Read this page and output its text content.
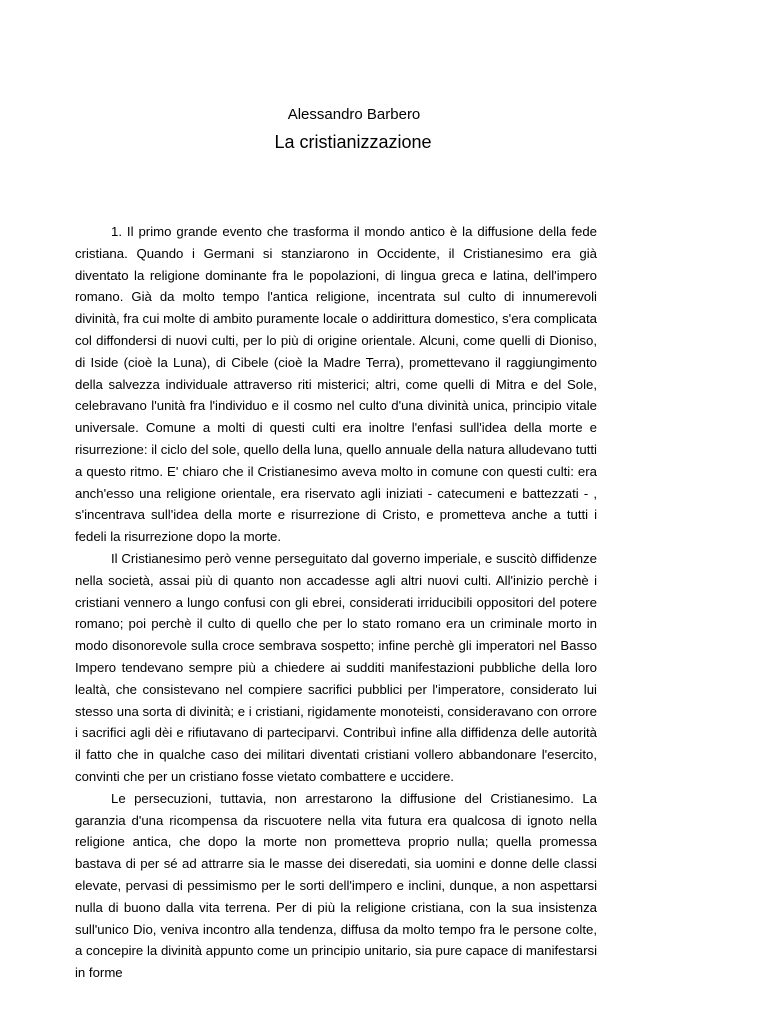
Alessandro Barbero
La cristianizzazione

1. Il primo grande evento che trasforma il mondo antico è la diffusione della fede cristiana. Quando i Germani si stanziarono in Occidente, il Cristianesimo era già diventato la religione dominante fra le popolazioni, di lingua greca e latina, dell'impero romano. Già da molto tempo l'antica religione, incentrata sul culto di innumerevoli divinità, fra cui molte di ambito puramente locale o addirittura domestico, s'era complicata col diffondersi di nuovi culti, per lo più di origine orientale. Alcuni, come quelli di Dioniso, di Iside (cioè la Luna), di Cibele (cioè la Madre Terra), promettevano il raggiungimento della salvezza individuale attraverso riti misterici; altri, come quelli di Mitra e del Sole, celebravano l'unità fra l'individuo e il cosmo nel culto d'una divinità unica, principio vitale universale. Comune a molti di questi culti era inoltre l'enfasi sull'idea della morte e risurrezione: il ciclo del sole, quello della luna, quello annuale della natura alludevano tutti a questo ritmo. E' chiaro che il Cristianesimo aveva molto in comune con questi culti: era anch'esso una religione orientale, era riservato agli iniziati - catecumeni e battezzati - , s'incentrava sull'idea della morte e risurrezione di Cristo, e prometteva anche a tutti i fedeli la risurrezione dopo la morte.

Il Cristianesimo però venne perseguitato dal governo imperiale, e suscitò diffidenze nella società, assai più di quanto non accadesse agli altri nuovi culti. All'inizio perchè i cristiani vennero a lungo confusi con gli ebrei, considerati irriducibili oppositori del potere romano; poi perchè il culto di quello che per lo stato romano era un criminale morto in modo disonorevole sulla croce sembrava sospetto; infine perchè gli imperatori nel Basso Impero tendevano sempre più a chiedere ai sudditi manifestazioni pubbliche della loro lealtà, che consistevano nel compiere sacrifici pubblici per l'imperatore, considerato lui stesso una sorta di divinità; e i cristiani, rigidamente monoteisti, consideravano con orrore i sacrifici agli dèi e rifiutavano di parteciparvi. Contribuì infine alla diffidenza delle autorità il fatto che in qualche caso dei militari diventati cristiani vollero abbandonare l'esercito, convinti che per un cristiano fosse vietato combattere e uccidere.

Le persecuzioni, tuttavia, non arrestarono la diffusione del Cristianesimo. La garanzia d'una ricompensa da riscuotere nella vita futura era qualcosa di ignoto nella religione antica, che dopo la morte non prometteva proprio nulla; quella promessa bastava di per sé ad attrarre sia le masse dei diseredati, sia uomini e donne delle classi elevate, pervasi di pessimismo per le sorti dell'impero e inclini, dunque, a non aspettarsi nulla di buono dalla vita terrena. Per di più la religione cristiana, con la sua insistenza sull'unico Dio, veniva incontro alla tendenza, diffusa da molto tempo fra le persone colte, a concepire la divinità appunto come un principio unitario, sia pure capace di manifestarsi in forme
